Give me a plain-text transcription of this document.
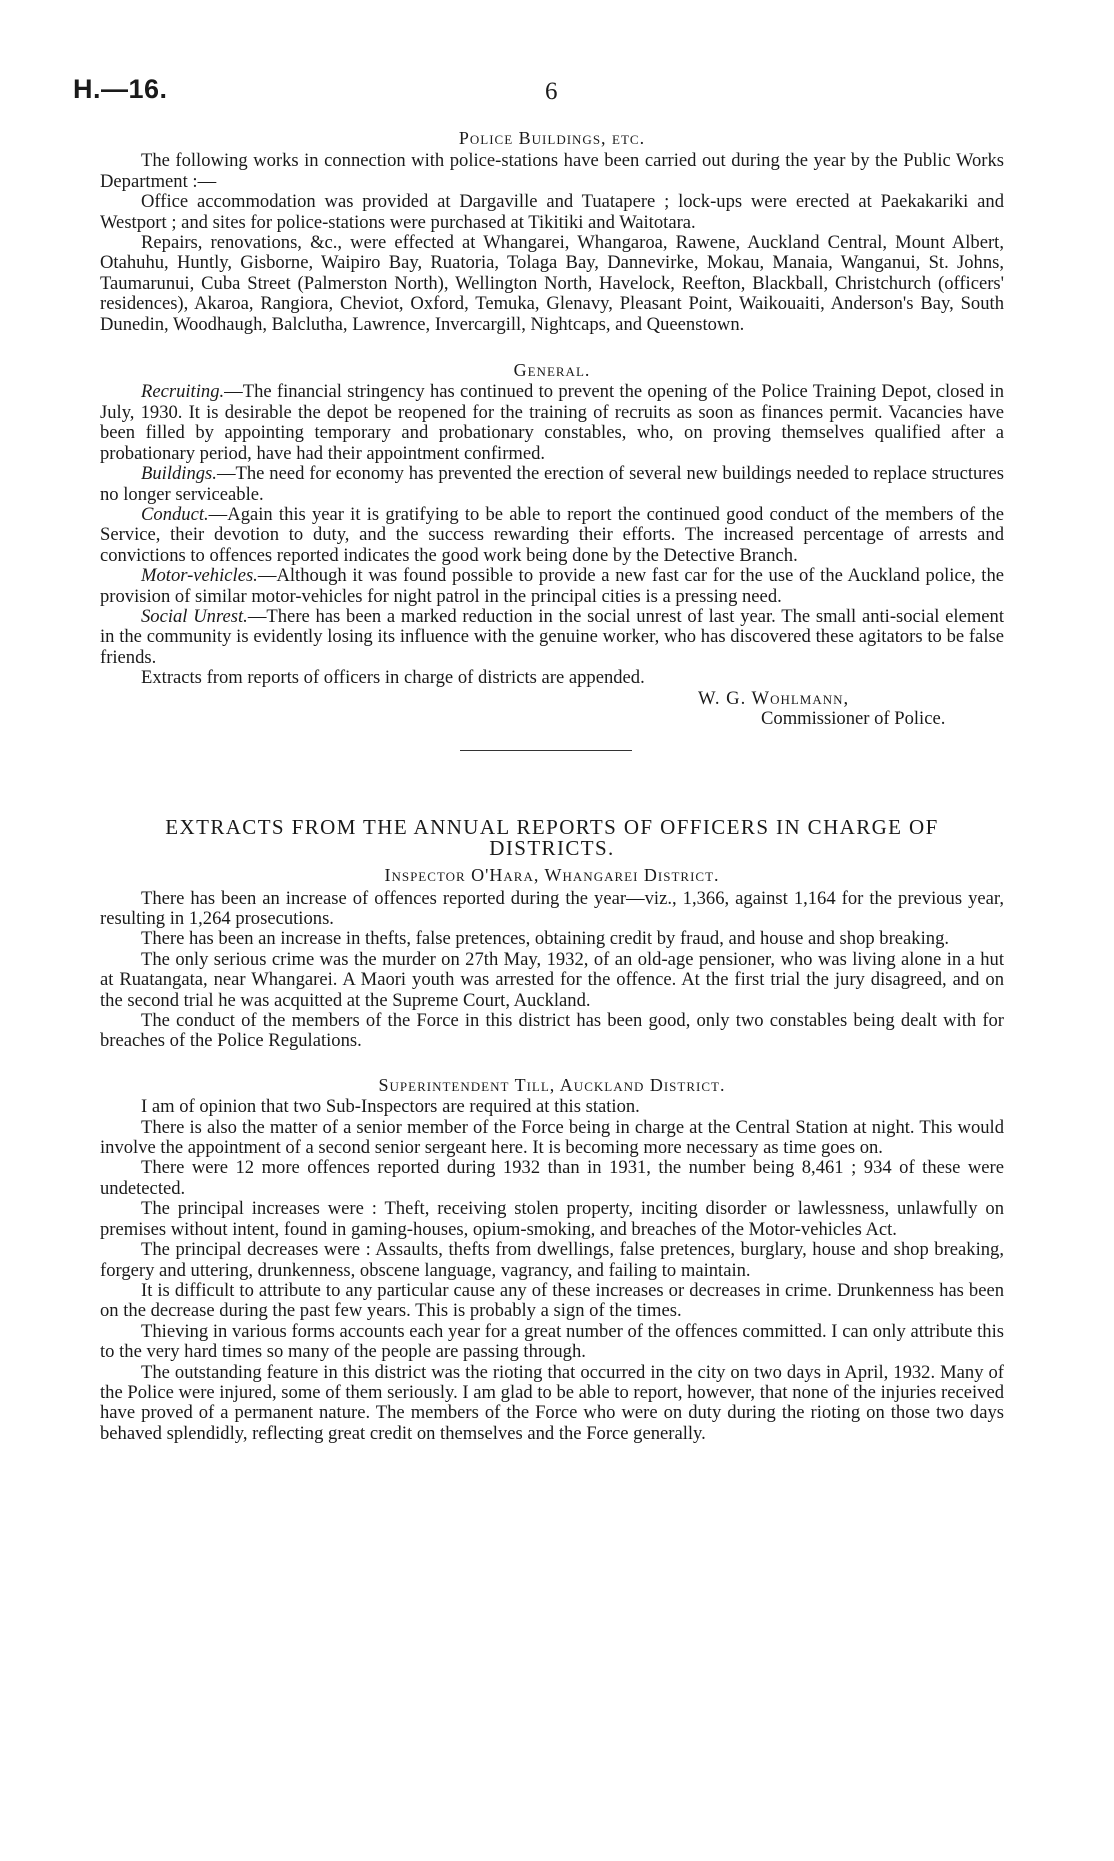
H.—16.	6

Police Buildings, etc.

The following works in connection with police-stations have been carried out during the year by the Public Works Department :—

Office accommodation was provided at Dargaville and Tuatapere ; lock-ups were erected at Paekakariki and Westport ; and sites for police-stations were purchased at Tikitiki and Waitotara.

Repairs, renovations, &c., were effected at Whangarei, Whangaroa, Rawene, Auckland Central, Mount Albert, Otahuhu, Huntly, Gisborne, Waipiro Bay, Ruatoria, Tolaga Bay, Dannevirke, Mokau, Manaia, Wanganui, St. Johns, Taumarunui, Cuba Street (Palmerston North), Wellington North, Havelock, Reefton, Blackball, Christchurch (officers' residences), Akaroa, Rangiora, Cheviot, Oxford, Temuka, Glenavy, Pleasant Point, Waikouaiti, Anderson's Bay, South Dunedin, Woodhaugh, Balclutha, Lawrence, Invercargill, Nightcaps, and Queenstown.

General.

Recruiting.—The financial stringency has continued to prevent the opening of the Police Training Depot, closed in July, 1930. It is desirable the depot be reopened for the training of recruits as soon as finances permit. Vacancies have been filled by appointing temporary and probationary constables, who, on proving themselves qualified after a probationary period, have had their appointment confirmed.

Buildings.—The need for economy has prevented the erection of several new buildings needed to replace structures no longer serviceable.

Conduct.—Again this year it is gratifying to be able to report the continued good conduct of the members of the Service, their devotion to duty, and the success rewarding their efforts. The increased percentage of arrests and convictions to offences reported indicates the good work being done by the Detective Branch.

Motor-vehicles.—Although it was found possible to provide a new fast car for the use of the Auckland police, the provision of similar motor-vehicles for night patrol in the principal cities is a pressing need.

Social Unrest.—There has been a marked reduction in the social unrest of last year. The small anti-social element in the community is evidently losing its influence with the genuine worker, who has discovered these agitators to be false friends.

Extracts from reports of officers in charge of districts are appended.

W. G. Wohlmann,

Commissioner of Police.

EXTRACTS FROM THE ANNUAL REPORTS OF OFFICERS IN CHARGE OF DISTRICTS.
Inspector O'Hara, Whangarei District.

There has been an increase of offences reported during the year—viz., 1,366, against 1,164 for the previous year, resulting in 1,264 prosecutions.

There has been an increase in thefts, false pretences, obtaining credit by fraud, and house and shop breaking.

The only serious crime was the murder on 27th May, 1932, of an old-age pensioner, who was living alone in a hut at Ruatangata, near Whangarei. A Maori youth was arrested for the offence. At the first trial the jury disagreed, and on the second trial he was acquitted at the Supreme Court, Auckland.

The conduct of the members of the Force in this district has been good, only two constables being dealt with for breaches of the Police Regulations.

Superintendent Till, Auckland District.

I am of opinion that two Sub-Inspectors are required at this station.

There is also the matter of a senior member of the Force being in charge at the Central Station at night. This would involve the appointment of a second senior sergeant here. It is becoming more necessary as time goes on.

There were 12 more offences reported during 1932 than in 1931, the number being 8,461 ; 934 of these were undetected.

The principal increases were : Theft, receiving stolen property, inciting disorder or lawlessness, unlawfully on premises without intent, found in gaming-houses, opium-smoking, and breaches of the Motor-vehicles Act.

The principal decreases were : Assaults, thefts from dwellings, false pretences, burglary, house and shop breaking, forgery and uttering, drunkenness, obscene language, vagrancy, and failing to maintain.

It is difficult to attribute to any particular cause any of these increases or decreases in crime. Drunkenness has been on the decrease during the past few years. This is probably a sign of the times.

Thieving in various forms accounts each year for a great number of the offences committed. I can only attribute this to the very hard times so many of the people are passing through.

The outstanding feature in this district was the rioting that occurred in the city on two days in April, 1932. Many of the Police were injured, some of them seriously. I am glad to be able to report, however, that none of the injuries received have proved of a permanent nature. The members of the Force who were on duty during the rioting on those two days behaved splendidly, reflecting great credit on themselves and the Force generally.
